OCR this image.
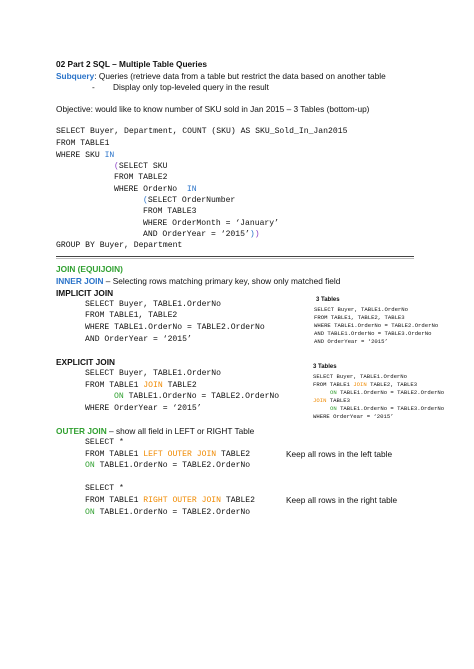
02 Part 2 SQL – Multiple Table Queries
Subquery: Queries (retrieve data from a table but restrict the data based on another table
- Display only top-leveled query in the result
Objective: would like to know number of SKU sold in Jan 2015 – 3 Tables (bottom-up)
SELECT Buyer, Department, COUNT (SKU) AS SKU_Sold_In_Jan2015
FROM TABLE1
WHERE SKU IN
(SELECT SKU
FROM TABLE2
WHERE OrderNo  IN
(SELECT OrderNumber
FROM TABLE3
WHERE OrderMonth = ‘January’
AND OrderYear = ‘2015’))
GROUP BY Buyer, Department
JOIN (EQUIJOIN)
INNER JOIN – Selecting rows matching primary key, show only matched field
IMPLICIT JOIN
SELECT Buyer, TABLE1.OrderNo
FROM TABLE1, TABLE2
WHERE TABLE1.OrderNo = TABLE2.OrderNo
AND OrderYear = ‘2015’
3 Tables
SELECT Buyer, TABLE1.OrderNo
FROM TABLE1, TABLE2, TABLE3
WHERE TABLE1.OrderNo = TABLE2.OrderNo
AND TABLE1.OrderNo = TABLE3.OrderNo
AND OrderYear = ‘2015’
EXPLICIT JOIN
SELECT Buyer, TABLE1.OrderNo
FROM TABLE1 JOIN TABLE2
ON TABLE1.OrderNo = TABLE2.OrderNo
WHERE OrderYear = ‘2015’
3 Tables
SELECT Buyer, TABLE1.OrderNo
FROM TABLE1 JOIN TABLE2, TABLE3
ON TABLE1.OrderNo = TABLE2.OrderNo
JOIN TABLE3
ON TABLE1.OrderNo = TABLE3.OrderNo
WHERE OrderYear = ‘2015’
OUTER JOIN – show all field in LEFT or RIGHT Table
SELECT *
FROM TABLE1 LEFT OUTER JOIN TABLE2
ON TABLE1.OrderNo = TABLE2.OrderNo
Keep all rows in the left table
SELECT *
FROM TABLE1 RIGHT OUTER JOIN TABLE2
ON TABLE1.OrderNo = TABLE2.OrderNo
Keep all rows in the right table
